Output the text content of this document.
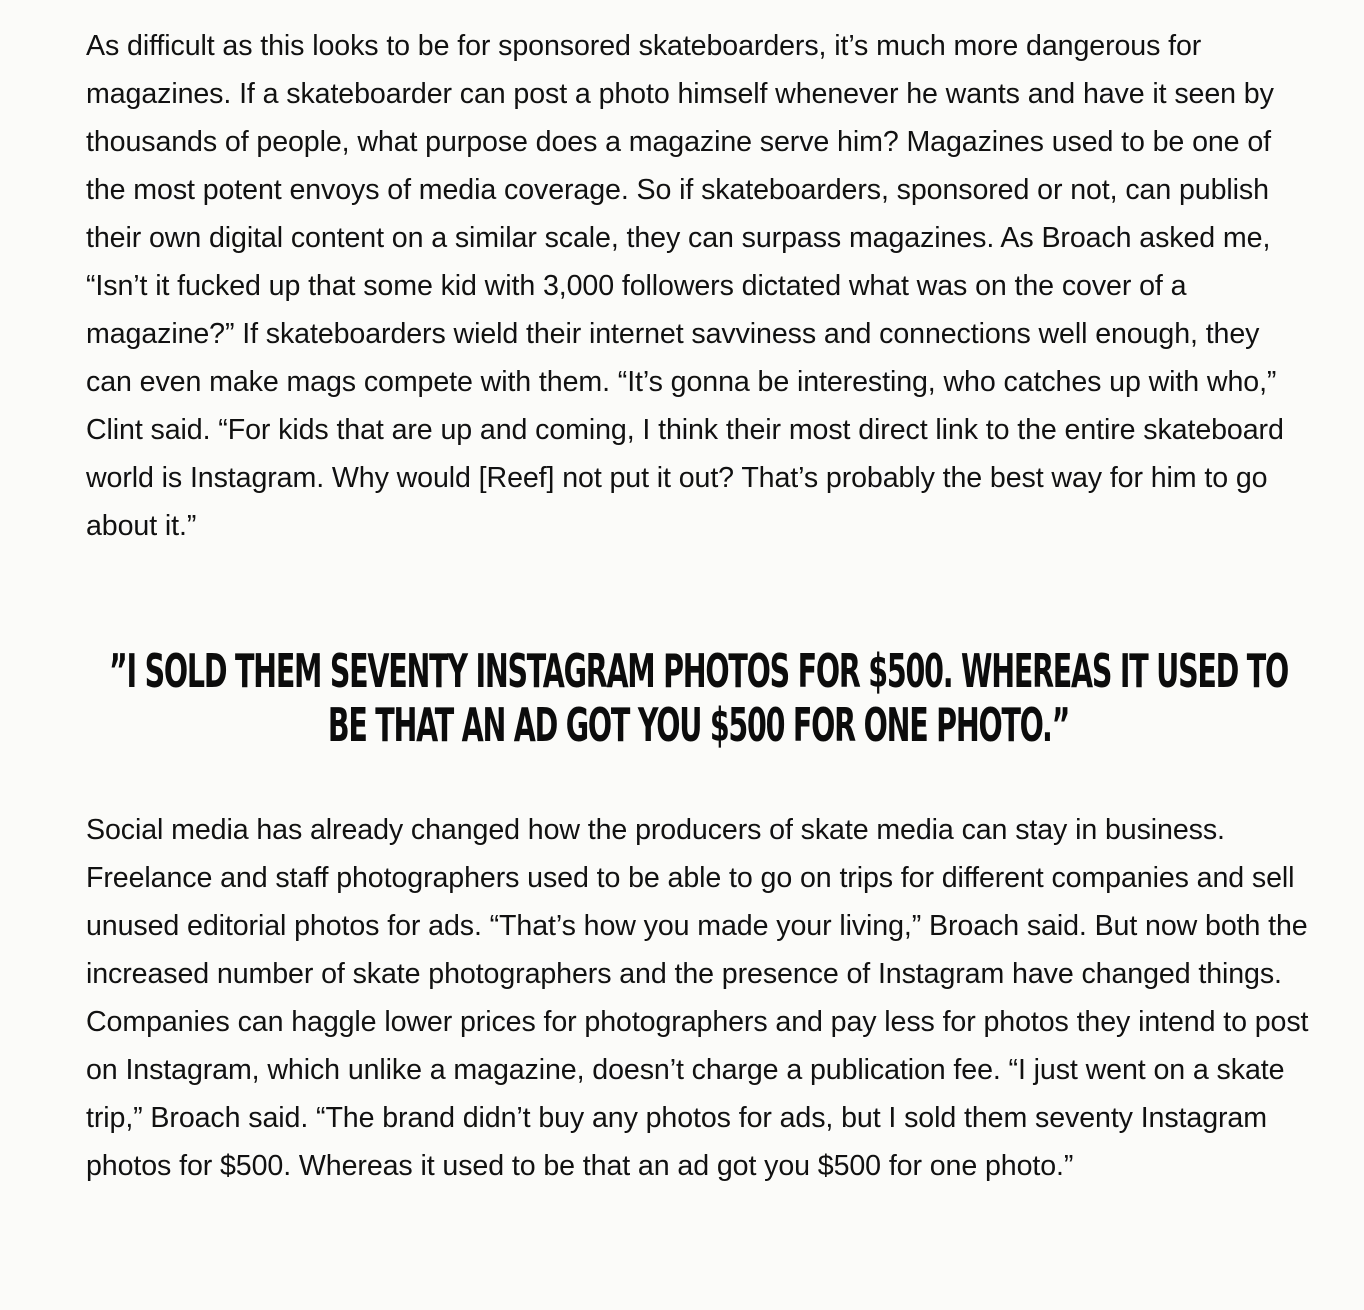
As difficult as this looks to be for sponsored skateboarders, it’s much more dangerous for magazines. If a skateboarder can post a photo himself whenever he wants and have it seen by thousands of people, what purpose does a magazine serve him? Magazines used to be one of the most potent envoys of media coverage. So if skateboarders, sponsored or not, can publish their own digital content on a similar scale, they can surpass magazines. As Broach asked me, “Isn’t it fucked up that some kid with 3,000 followers dictated what was on the cover of a magazine?” If skateboarders wield their internet savviness and connections well enough, they can even make mags compete with them. “It’s gonna be interesting, who catches up with who,” Clint said. “For kids that are up and coming, I think their most direct link to the entire skateboard world is Instagram. Why would [Reef] not put it out? That’s probably the best way for him to go about it.”

”I SOLD THEM SEVENTY INSTAGRAM PHOTOS FOR $500. WHEREAS IT USED TO BE THAT AN AD GOT YOU $500 FOR ONE PHOTO.”

Social media has already changed how the producers of skate media can stay in business. Freelance and staff photographers used to be able to go on trips for different companies and sell unused editorial photos for ads. “That’s how you made your living,” Broach said. But now both the increased number of skate photographers and the presence of Instagram have changed things. Companies can haggle lower prices for photographers and pay less for photos they intend to post on Instagram, which unlike a magazine, doesn’t charge a publication fee. “I just went on a skate trip,” Broach said. “The brand didn’t buy any photos for ads, but I sold them seventy Instagram photos for $500. Whereas it used to be that an ad got you $500 for one photo.”
